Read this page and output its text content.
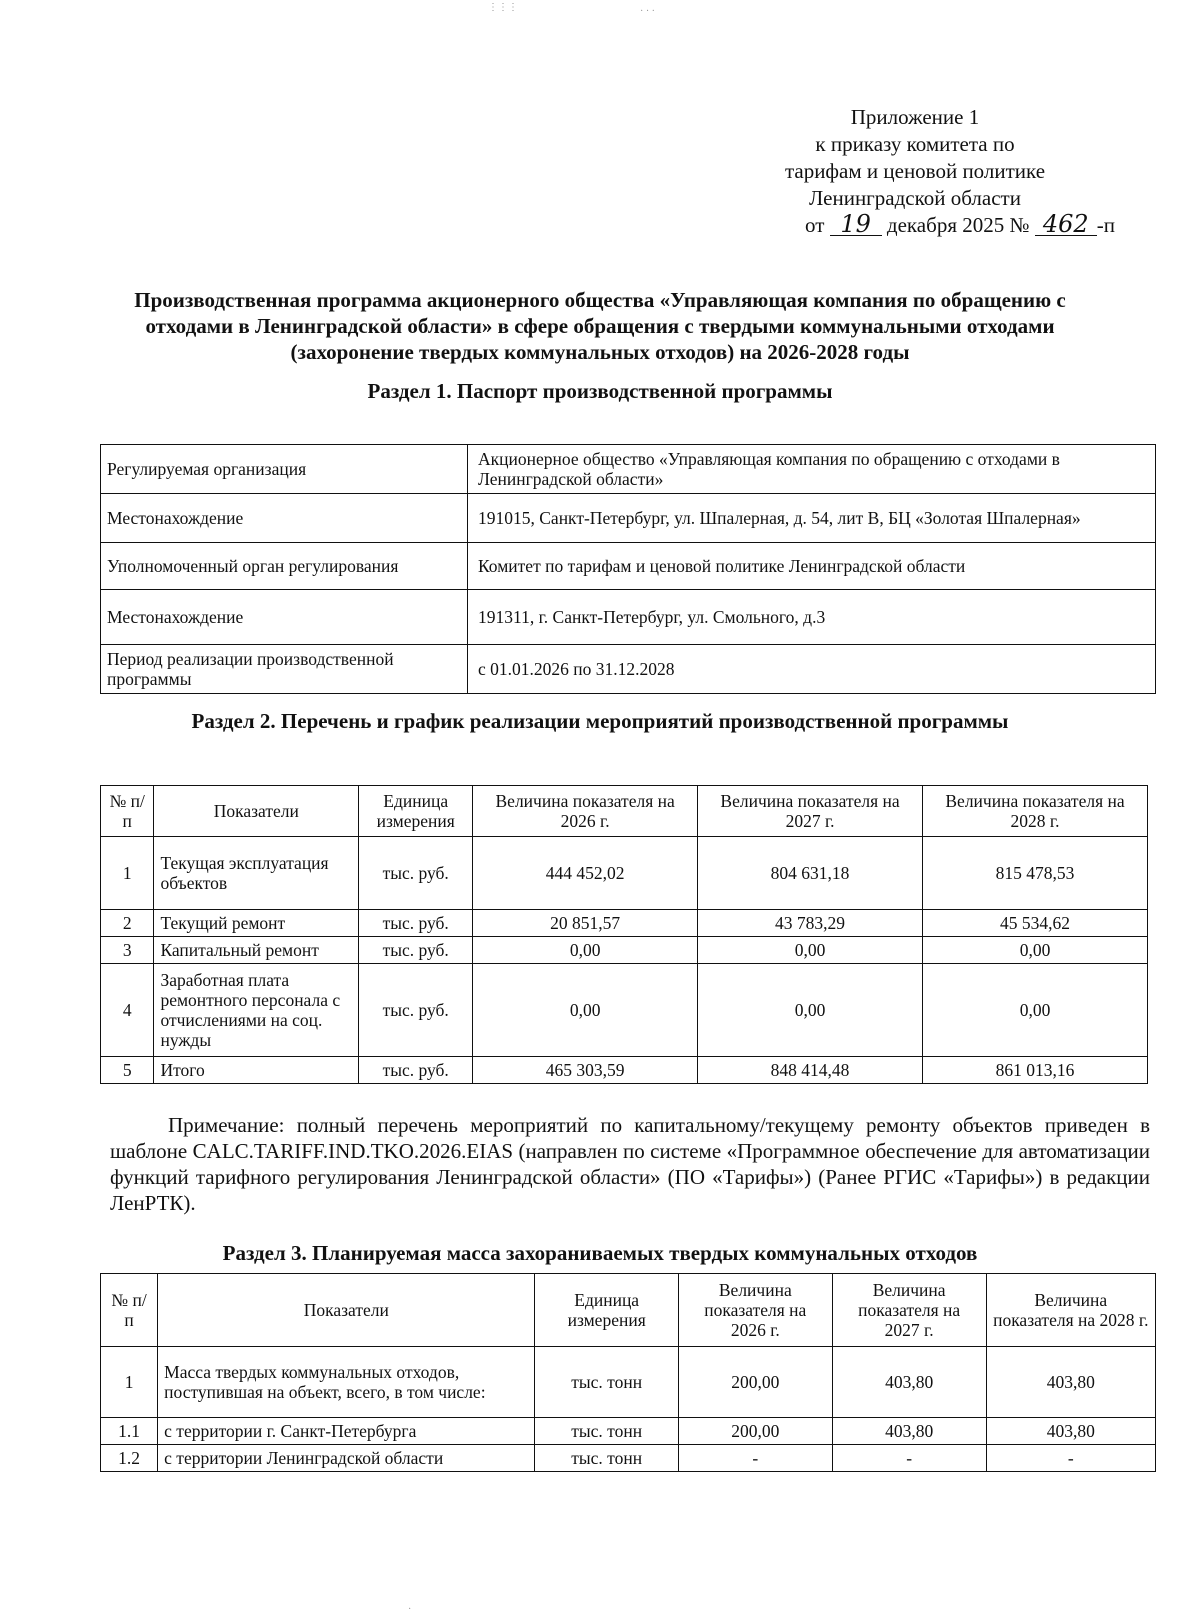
Приложение 1
к приказу комитета по
тарифам и ценовой политике
Ленинградской области
от 19 декабря 2025 № 462 -п
Производственная программа акционерного общества «Управляющая компания по обращению с отходами в Ленинградской области» в сфере обращения с твердыми коммунальными отходами (захоронение твердых коммунальных отходов) на 2026-2028 годы
Раздел 1. Паспорт производственной программы
Регулируемая организация	Акционерное общество «Управляющая компания по обращению с отходами в Ленинградской области»
Местонахождение	191015, Санкт-Петербург, ул. Шпалерная, д. 54, лит В, БЦ «Золотая Шпалерная»
Уполномоченный орган регулирования	Комитет по тарифам и ценовой политике Ленинградской области
Местонахождение	191311, г. Санкт-Петербург, ул. Смольного, д.3
Период реализации производственной программы	с 01.01.2026 по 31.12.2028
Раздел 2. Перечень и график реализации мероприятий производственной программы
№ п/п	Показатели	Единица измерения	Величина показателя на 2026 г.	Величина показателя на 2027 г.	Величина показателя на 2028 г.
1	Текущая эксплуатация объектов	тыс. руб.	444 452,02	804 631,18	815 478,53
2	Текущий ремонт	тыс. руб.	20 851,57	43 783,29	45 534,62
3	Капитальный ремонт	тыс. руб.	0,00	0,00	0,00
4	Заработная плата ремонтного персонала с отчислениями на соц. нужды	тыс. руб.	0,00	0,00	0,00
5	Итого	тыс. руб.	465 303,59	848 414,48	861 013,16
Примечание: полный перечень мероприятий по капитальному/текущему ремонту объектов приведен в шаблоне CALC.TARIFF.IND.TKO.2026.EIAS (направлен по системе «Программное обеспечение для автоматизации функций тарифного регулирования Ленинградской области» (ПО «Тарифы») (Ранее РГИС «Тарифы») в редакции ЛенРТК).
Раздел 3. Планируемая масса захораниваемых твердых коммунальных отходов
№ п/п	Показатели	Единица измерения	Величина показателя на 2026 г.	Величина показателя на 2027 г.	Величина показателя на 2028 г.
1	Масса твердых коммунальных отходов, поступившая на объект, всего, в том числе:	тыс. тонн	200,00	403,80	403,80
1.1	с территории г. Санкт-Петербурга	тыс. тонн	200,00	403,80	403,80
1.2	с территории Ленинградской области	тыс. тонн	-	-	-
⋮⋮⋮	· · ·
·
